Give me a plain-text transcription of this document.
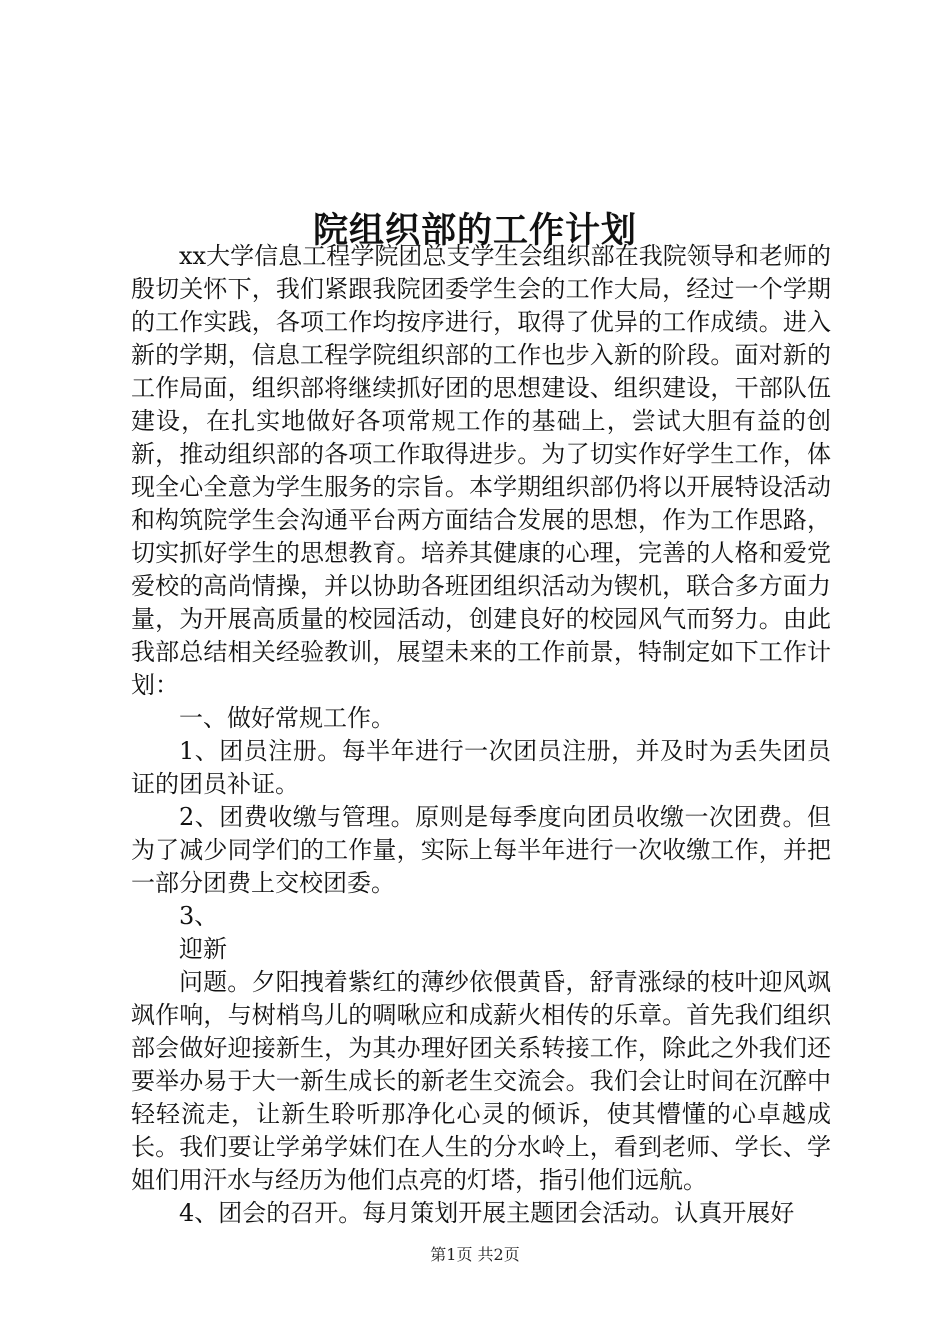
院组织部的工作计划

xx大学信息工程学院团总支学生会组织部在我院领导和老师的殷切关怀下，我们紧跟我院团委学生会的工作大局，经过一个学期的工作实践，各项工作均按序进行，取得了优异的工作成绩。进入新的学期，信息工程学院组织部的工作也步入新的阶段。面对新的工作局面，组织部将继续抓好团的思想建设、组织建设，干部队伍建设，在扎实地做好各项常规工作的基础上，尝试大胆有益的创新，推动组织部的各项工作取得进步。为了切实作好学生工作，体现全心全意为学生服务的宗旨。本学期组织部仍将以开展特设活动和构筑院学生会沟通平台两方面结合发展的思想，作为工作思路，切实抓好学生的思想教育。培养其健康的心理，完善的人格和爱党爱校的高尚情操，并以协助各班团组织活动为锲机，联合多方面力量，为开展高质量的校园活动，创建良好的校园风气而努力。由此我部总结相关经验教训，展望未来的工作前景，特制定如下工作计划：

一、做好常规工作。

1、团员注册。每半年进行一次团员注册，并及时为丢失团员证的团员补证。

2、团费收缴与管理。原则是每季度向团员收缴一次团费。但为了减少同学们的工作量，实际上每半年进行一次收缴工作，并把一部分团费上交校团委。

3、

迎新

问题。夕阳拽着紫红的薄纱依偎黄昏，舒青涨绿的枝叶迎风飒飒作响，与树梢鸟儿的啁啾应和成薪火相传的乐章。首先我们组织部会做好迎接新生，为其办理好团关系转接工作，除此之外我们还要举办易于大一新生成长的新老生交流会。我们会让时间在沉醉中轻轻流走，让新生聆听那净化心灵的倾诉，使其懵懂的心卓越成长。我们要让学弟学妹们在人生的分水岭上，看到老师、学长、学姐们用汗水与经历为他们点亮的灯塔，指引他们远航。

4、团会的召开。每月策划开展主题团会活动。认真开展好

第1页 共2页
